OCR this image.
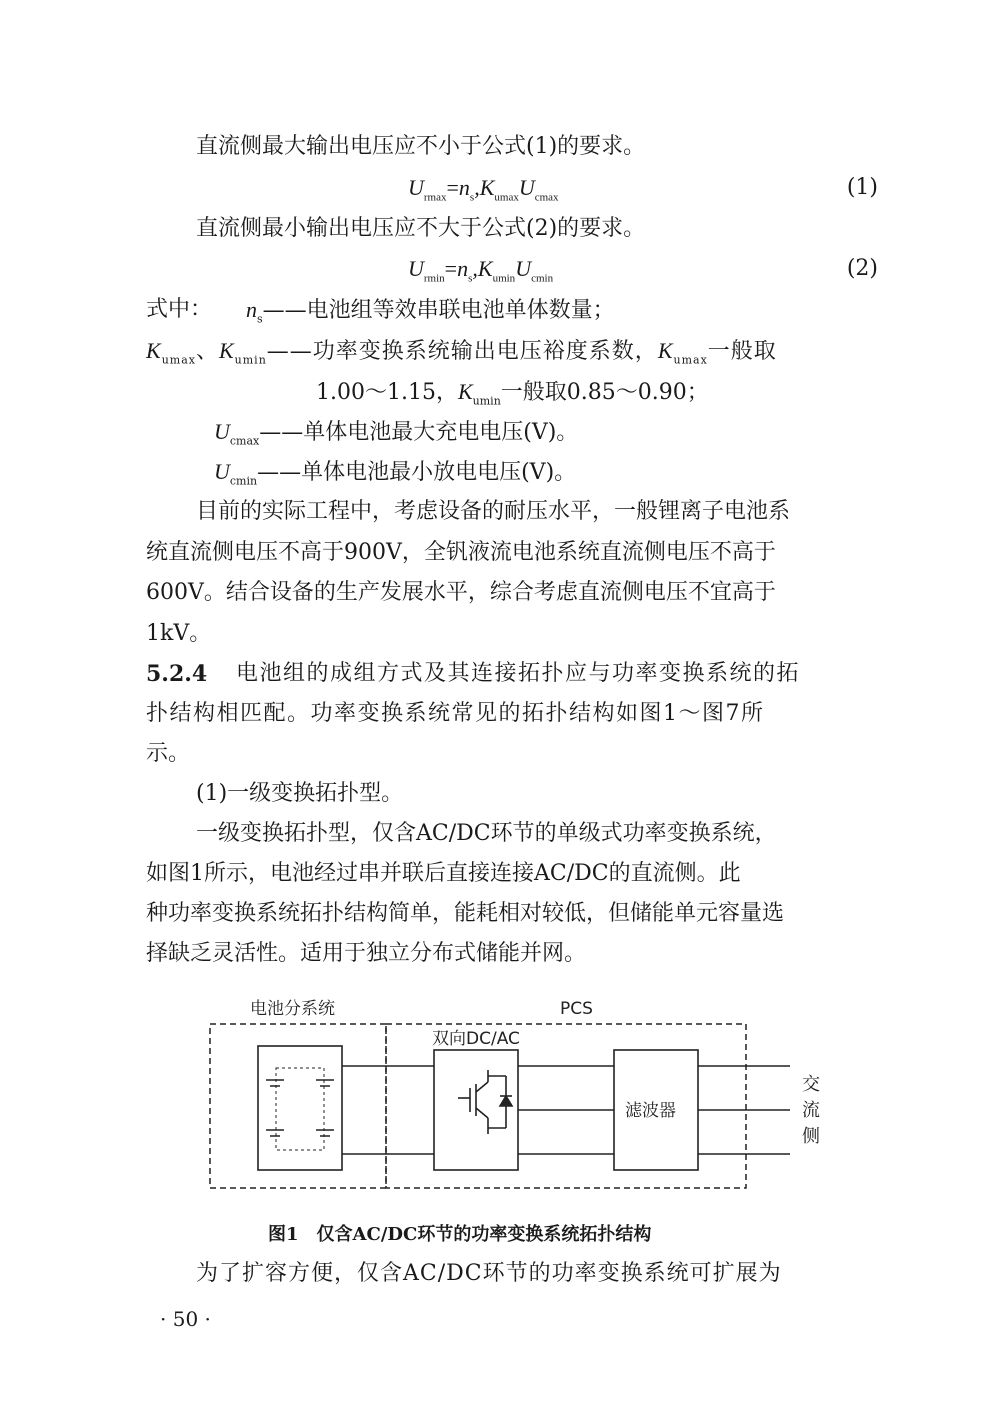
直流侧最大输出电压应不小于公式(1)的要求。
$U_{rmax}=n_s,K_{umax}U_{cmax}$	(1)
直流侧最小输出电压应不大于公式(2)的要求。
$U_{rmin}=n_s,K_{umin}U_{cmin}$	(2)
式中： $n_s——$电池组等效串联电池单体数量；
$K_{umax}$、$K_{umin}——$功率变换系统输出电压裕度系数，$K_{umax}$一般取
1.00～1.15，$K_{umin}$一般取0.85～0.90；
$U_{cmax}——$单体电池最大充电电压(V)。
$U_{cmin}——$单体电池最小放电电压(V)。
目前的实际工程中，考虑设备的耐压水平，一般锂离子电池系
统直流侧电压不高于900V，全钒液流电池系统直流侧电压不高于
600V。结合设备的生产发展水平，综合考虑直流侧电压不宜高于
1kV。
5.2.4 电池组的成组方式及其连接拓扑应与功率变换系统的拓
扑结构相匹配。功率变换系统常见的拓扑结构如图1～图7所
示。
(1)一级变换拓扑型。
一级变换拓扑型，仅含AC/DC环节的单级式功率变换系统，
如图1所示，电池经过串并联后直接连接AC/DC的直流侧。此
种功率变换系统拓扑结构简单，能耗相对较低，但储能单元容量选
择缺乏灵活性。适用于独立分布式储能并网。
电池分系统	PCS
双向DC/AC
滤波器
交
流
侧
图1　仅含AC/DC环节的功率变换系统拓扑结构
为了扩容方便，仅含AC/DC环节的功率变换系统可扩展为
· 50 ·
